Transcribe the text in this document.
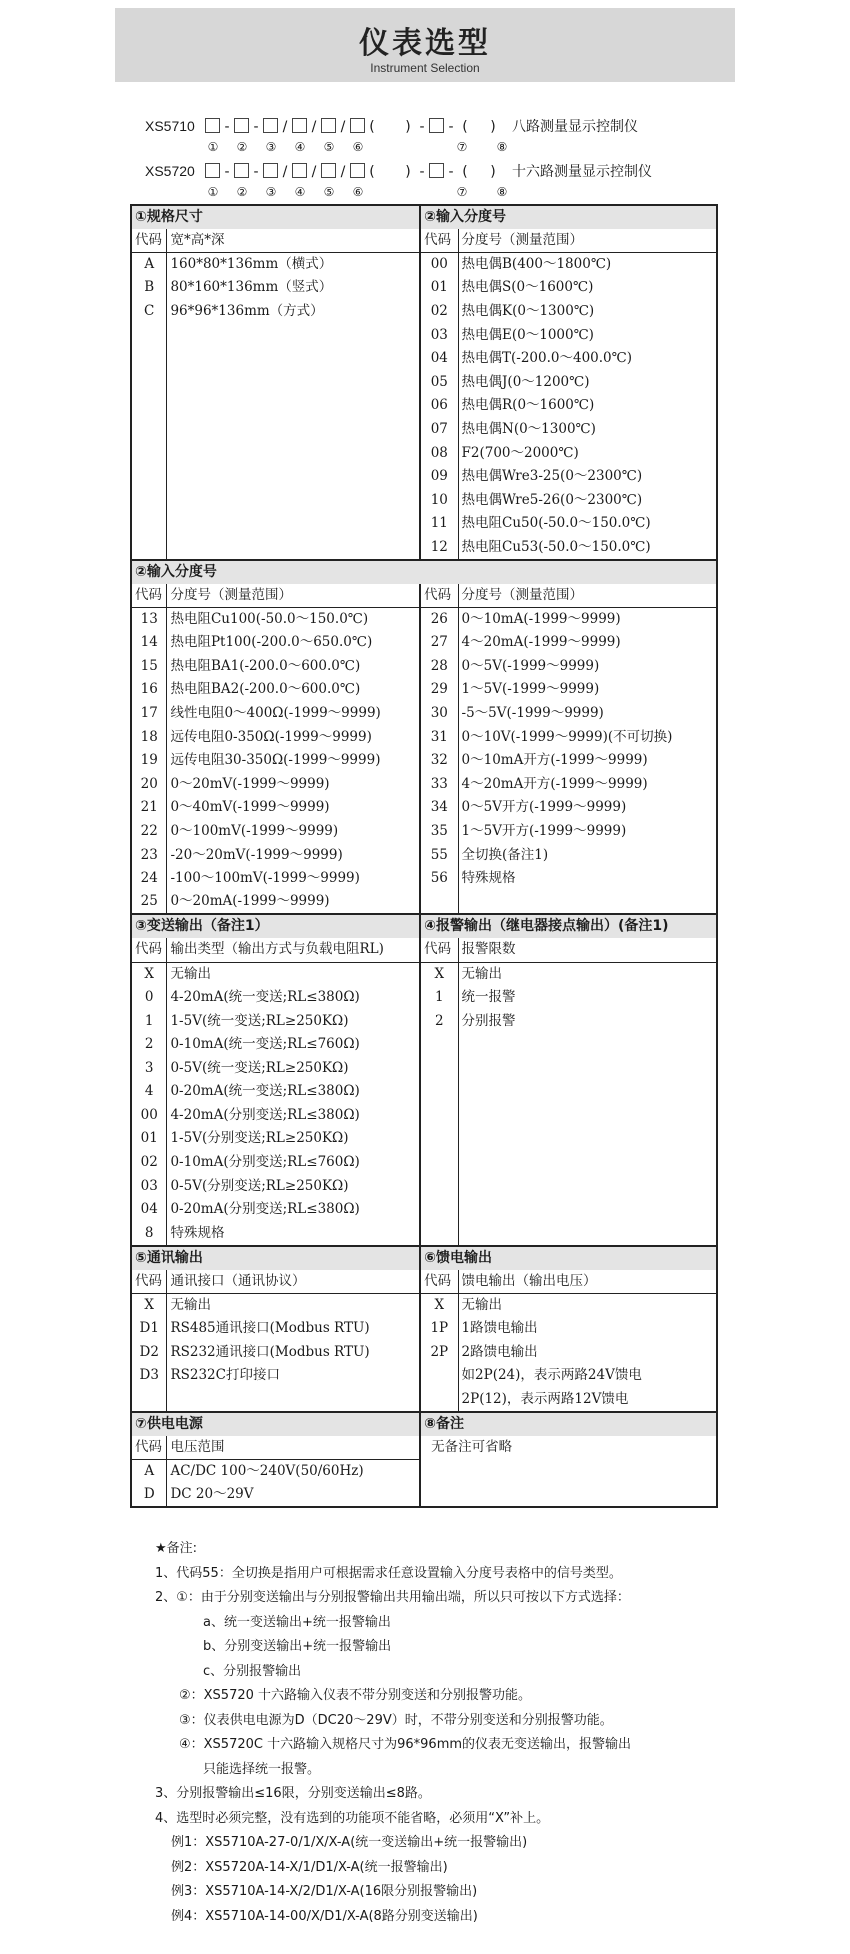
仪表选型
Instrument Selection
XS5710 - - / / / ( ) - - ( ) 八路测量显示控制仪
①	②	③	④	⑤	⑥	⑦	⑧
XS5720 - - / / / ( ) - - ( ) 十六路测量显示控制仪
①	②	③	④	⑤	⑥	⑦	⑧
①规格尺寸		②输入分度号	
代码	宽*高*深	代码	分度号（测量范围）
A	160*80*136mm（横式）	00	热电偶B(400～1800℃)
B	80*160*136mm（竖式）	01	热电偶S(0～1600℃)
C	96*96*136mm（方式）	02	热电偶K(0～1300℃)
		03	热电偶E(0～1000℃)
		04	热电偶T(-200.0～400.0℃)
		05	热电偶J(0～1200℃)
		06	热电偶R(0～1600℃)
		07	热电偶N(0～1300℃)
		08	F2(700～2000℃)
		09	热电偶Wre3-25(0～2300℃)
		10	热电偶Wre5-26(0～2300℃)
		11	热电阻Cu50(-50.0～150.0℃)
		12	热电阻Cu53(-50.0～150.0℃)
②输入分度号			
代码	分度号（测量范围）	代码	分度号（测量范围）
13	热电阻Cu100(-50.0～150.0℃)	26	0～10mA(-1999～9999)
14	热电阻Pt100(-200.0～650.0℃)	27	4～20mA(-1999～9999)
15	热电阻BA1(-200.0～600.0℃)	28	0～5V(-1999～9999)
16	热电阻BA2(-200.0～600.0℃)	29	1～5V(-1999～9999)
17	线性电阻0～400Ω(-1999～9999)	30	-5～5V(-1999～9999)
18	远传电阻0-350Ω(-1999～9999)	31	0～10V(-1999～9999)(不可切换)
19	远传电阻30-350Ω(-1999～9999)	32	0～10mA开方(-1999～9999)
20	0～20mV(-1999～9999)	33	4～20mA开方(-1999～9999)
21	0～40mV(-1999～9999)	34	0～5V开方(-1999～9999)
22	0～100mV(-1999～9999)	35	1～5V开方(-1999～9999)
23	-20～20mV(-1999～9999)	55	全切换(备注1)
24	-100～100mV(-1999～9999)	56	特殊规格
25	0～20mA(-1999～9999)		
③变送输出（备注1）		④报警输出（继电器接点输出）(备注1)	
代码	输出类型（输出方式与负载电阻RL)	代码	报警限数
X	无输出	X	无输出
0	4-20mA(统一变送;RL≤380Ω)	1	统一报警
1	1-5V(统一变送;RL≥250KΩ)	2	分别报警
2	0-10mA(统一变送;RL≤760Ω)		
3	0-5V(统一变送;RL≥250KΩ)		
4	0-20mA(统一变送;RL≤380Ω)		
00	4-20mA(分别变送;RL≤380Ω)		
01	1-5V(分别变送;RL≥250KΩ)		
02	0-10mA(分别变送;RL≤760Ω)		
03	0-5V(分别变送;RL≥250KΩ)		
04	0-20mA(分别变送;RL≤380Ω)		
8	特殊规格		
⑤通讯输出		⑥馈电输出	
代码	通讯接口（通讯协议）	代码	馈电输出（输出电压）
X	无输出	X	无输出
D1	RS485通讯接口(Modbus RTU)	1P	1路馈电输出
D2	RS232通讯接口(Modbus RTU)	2P	2路馈电输出
D3	RS232C打印接口		如2P(24)，表示两路24V馈电
			2P(12)，表示两路12V馈电
⑦供电电源		⑧备注	
代码	电压范围	无备注可省略	
A	AC/DC 100～240V(50/60Hz)		
D	DC 20～29V		
★备注:
1、代码55：全切换是指用户可根据需求任意设置输入分度号表格中的信号类型。
2、①：由于分别变送输出与分别报警输出共用输出端，所以只可按以下方式选择：
a、统一变送输出+统一报警输出
b、分别变送输出+统一报警输出
c、分别报警输出
②：XS5720 十六路输入仪表不带分别变送和分别报警功能。
③：仪表供电电源为D（DC20～29V）时，不带分别变送和分别报警功能。
④：XS5720C 十六路输入规格尺寸为96*96mm的仪表无变送输出，报警输出
只能选择统一报警。
3、分别报警输出≤16限，分别变送输出≤8路。
4、选型时必须完整，没有选到的功能项不能省略，必须用“X”补上。
例1：XS5710A-27-0/1/X/X-A(统一变送输出+统一报警输出)
例2：XS5720A-14-X/1/D1/X-A(统一报警输出)
例3：XS5710A-14-X/2/D1/X-A(16限分别报警输出)
例4：XS5710A-14-00/X/D1/X-A(8路分别变送输出)
